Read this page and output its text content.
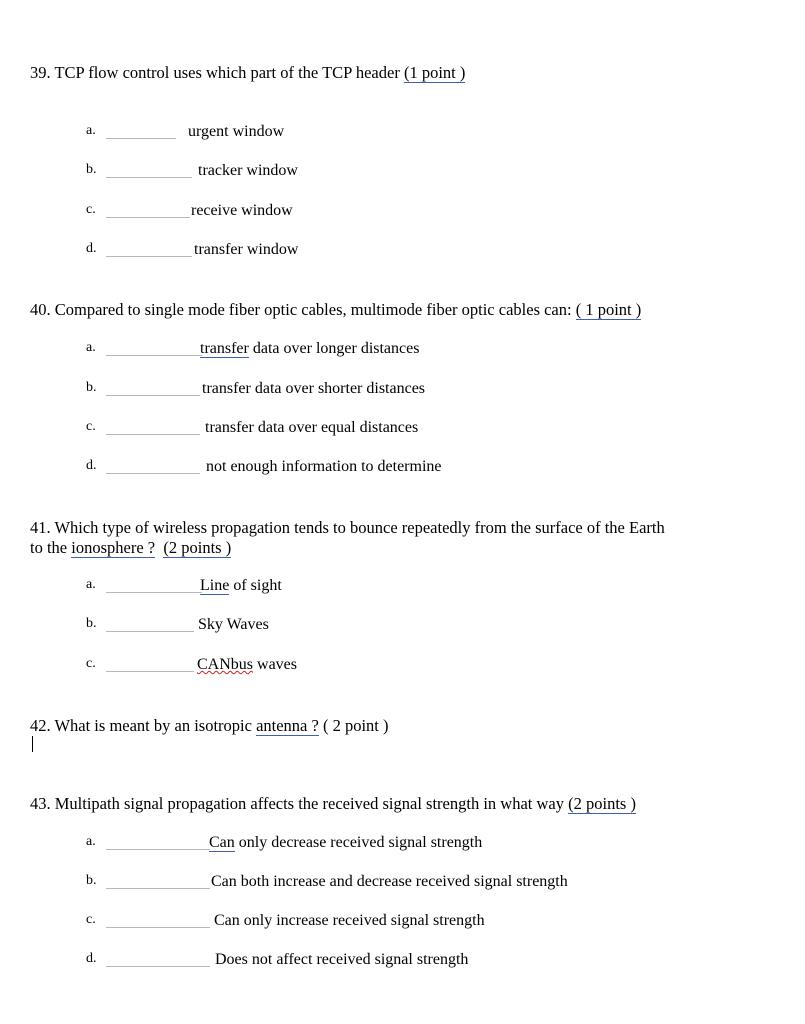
39. TCP flow control uses which part of the TCP header (1 point )
a.	urgent window
b.	tracker window
c.	receive window
d.	transfer window
40. Compared to single mode fiber optic cables, multimode fiber optic cables can: ( 1 point )
a.	transfer data over longer distances
b.	transfer data over shorter distances
c.	transfer data over equal distances
d.	not enough information to determine
41. Which type of wireless propagation tends to bounce repeatedly from the surface of the Earth
to the ionosphere ? (2 points )
a.	Line of sight
b.	Sky Waves
c.	CANbus waves
42. What is meant by an isotropic antenna ? ( 2 point )
43. Multipath signal propagation affects the received signal strength in what way (2 points )
a.	Can only decrease received signal strength
b.	Can both increase and decrease received signal strength
c.	Can only increase received signal strength
d.	Does not affect received signal strength
